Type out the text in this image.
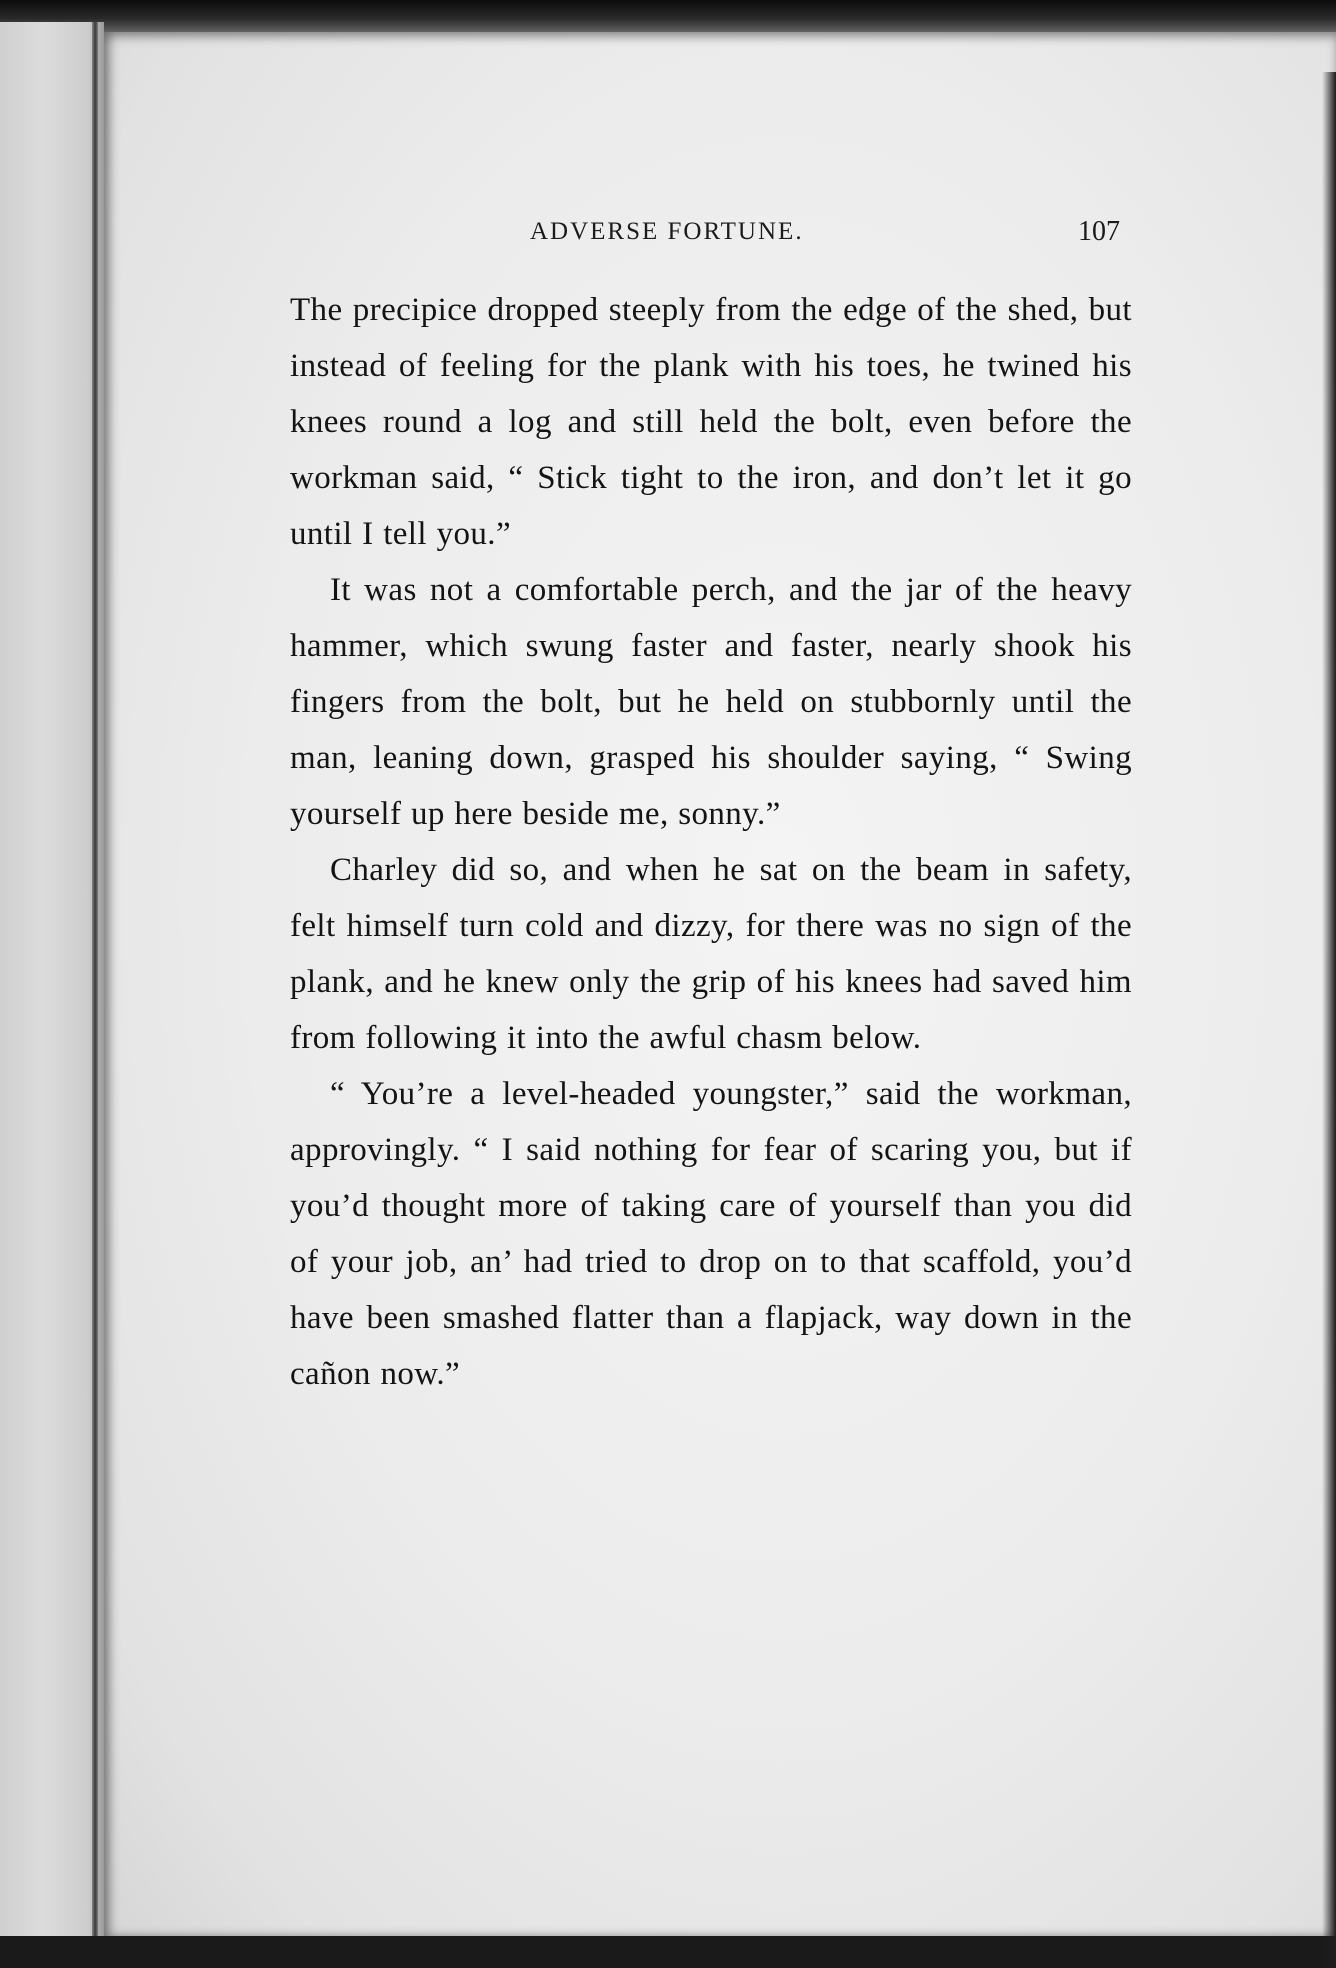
ADVERSE FORTUNE.	107

The precipice dropped steeply from the edge of the shed, but instead of feeling for the plank with his toes, he twined his knees round a log and still held the bolt, even before the workman said, “ Stick tight to the iron, and don’t let it go until I tell you.”

It was not a comfortable perch, and the jar of the heavy hammer, which swung faster and faster, nearly shook his fingers from the bolt, but he held on stubbornly until the man, leaning down, grasped his shoulder saying, “ Swing yourself up here beside me, sonny.”

Charley did so, and when he sat on the beam in safety, felt himself turn cold and dizzy, for there was no sign of the plank, and he knew only the grip of his knees had saved him from following it into the awful chasm below.

“ You’re a level-headed youngster,” said the workman, approvingly. “ I said nothing for fear of scaring you, but if you’d thought more of taking care of yourself than you did of your job, an’ had tried to drop on to that scaffold, you’d have been smashed flatter than a flapjack, way down in the cañon now.”
